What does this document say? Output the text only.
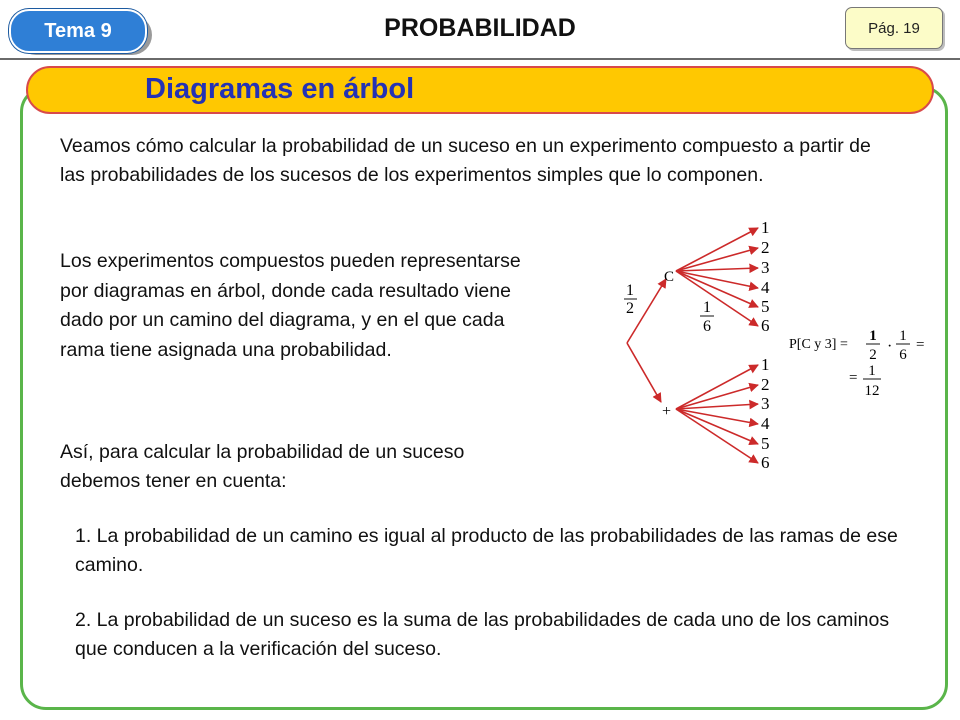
Tema 9	PROBABILIDAD	Pág. 19
Diagramas en árbol
Veamos cómo calcular la probabilidad de un suceso en un experimento compuesto a partir de las probabilidades de los sucesos de los experimentos simples que lo componen.
Los experimentos compuestos pueden representarse por diagramas en árbol, donde cada resultado viene dado por un camino del diagrama, y en el que cada rama tiene asignada una probabilidad.
Así, para calcular la probabilidad de un suceso debemos tener en cuenta:
1. La probabilidad de un camino es igual al producto de las probabilidades de las ramas de ese camino.
2. La probabilidad de un suceso es la suma de las probabilidades de cada uno de los caminos que conducen a la verificación del suceso.
1
2
C
+
1
6
1
2
3
4
5
6
1
2
3
4
5
6
P[C y 3] =
1
2 ·
1
6
=
= 1
12
